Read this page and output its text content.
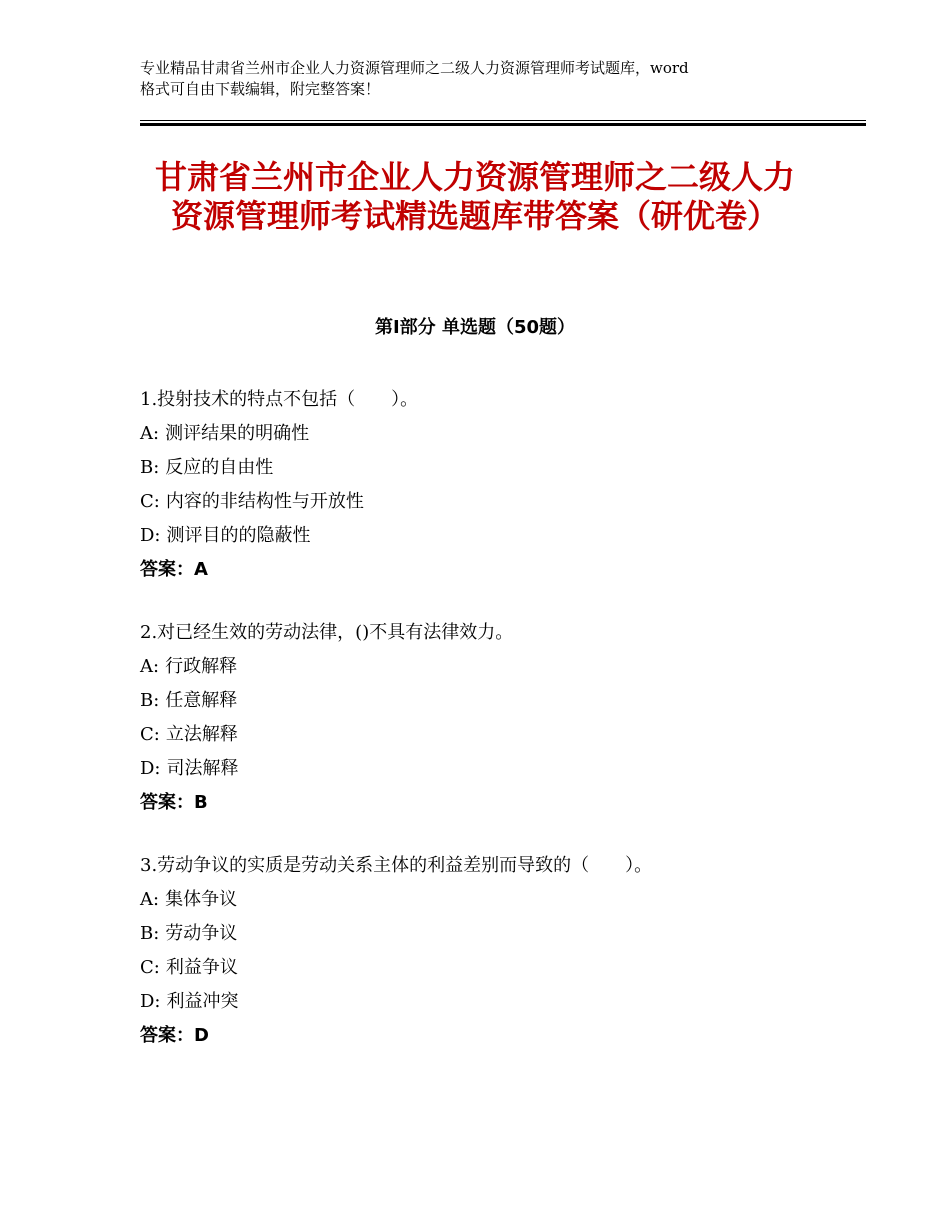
专业精品甘肃省兰州市企业人力资源管理师之二级人力资源管理师考试题库，word

格式可自由下载编辑，附完整答案！

甘肃省兰州市企业人力资源管理师之二级人力资源管理师考试精选题库带答案（研优卷）
第Ⅰ部分 单选题（50题）
1.投射技术的特点不包括（　　）。
A: 测评结果的明确性
B: 反应的自由性
C: 内容的非结构性与开放性
D: 测评目的的隐蔽性
答案：A
2.对已经生效的劳动法律，()不具有法律效力。
A: 行政解释
B: 任意解释
C: 立法解释
D: 司法解释
答案：B
3.劳动争议的实质是劳动关系主体的利益差别而导致的（　　）。
A: 集体争议
B: 劳动争议
C: 利益争议
D: 利益冲突
答案：D
